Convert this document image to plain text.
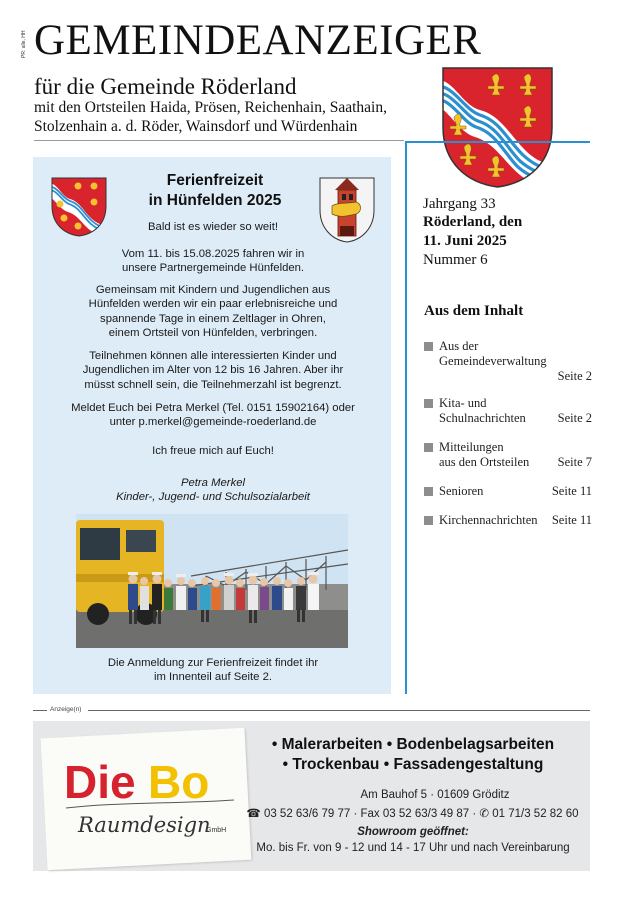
PR: alle, HH GEMEINDEANZEIGER
für die Gemeinde Röderland
mit den Ortsteilen Haida, Prösen, Reichenhain, Saathain,
Stolzenhain a. d. Röder, Wainsdorf und Würdenhain
Ferienfreizeit
in Hünfelden 2025
Bald ist es wieder so weit!
Vom 11. bis 15.08.2025 fahren wir in
unsere Partnergemeinde Hünfelden.
Gemeinsam mit Kindern und Jugendlichen aus
Hünfelden werden wir ein paar erlebnisreiche und
spannende Tage in einem Zeltlager in Ohren,
einem Ortsteil von Hünfelden, verbringen.
Teilnehmen können alle interessierten Kinder und
Jugendlichen im Alter von 12 bis 16 Jahren. Aber ihr
müsst schnell sein, die Teilnehmerzahl ist begrenzt.
Meldet Euch bei Petra Merkel (Tel. 0151 15902164) oder
unter p.merkel@gemeinde-roederland.de
Ich freue mich auf Euch!
Petra Merkel
Kinder-, Jugend- und Schulsozialarbeit
Die Anmeldung zur Ferienfreizeit findet ihr
im Innenteil auf Seite 2.
Jahrgang 33
Röderland, den
11. Juni 2025
Nummer 6
Aus dem Inhalt
Aus der
Gemeindeverwaltung
Seite 2
Kita- und
Schulnachrichten	Seite 2
Mitteilungen
aus den Ortsteilen Seite 7
Senioren	Seite 11
Kirchennachrichten Seite 11
Anzeige(n)
Die Bo
Raumdesign
GmbH
• Malerarbeiten • Bodenbelagsarbeiten
• Trockenbau • Fassadengestaltung
Am Bauhof 5 · 01609 Gröditz
☎ 03 52 63/6 79 77 · Fax 03 52 63/3 49 87 · ✆ 01 71/3 52 82 60
Showroom geöffnet:
Mo. bis Fr. von 9 - 12 und 14 - 17 Uhr und nach Vereinbarung
